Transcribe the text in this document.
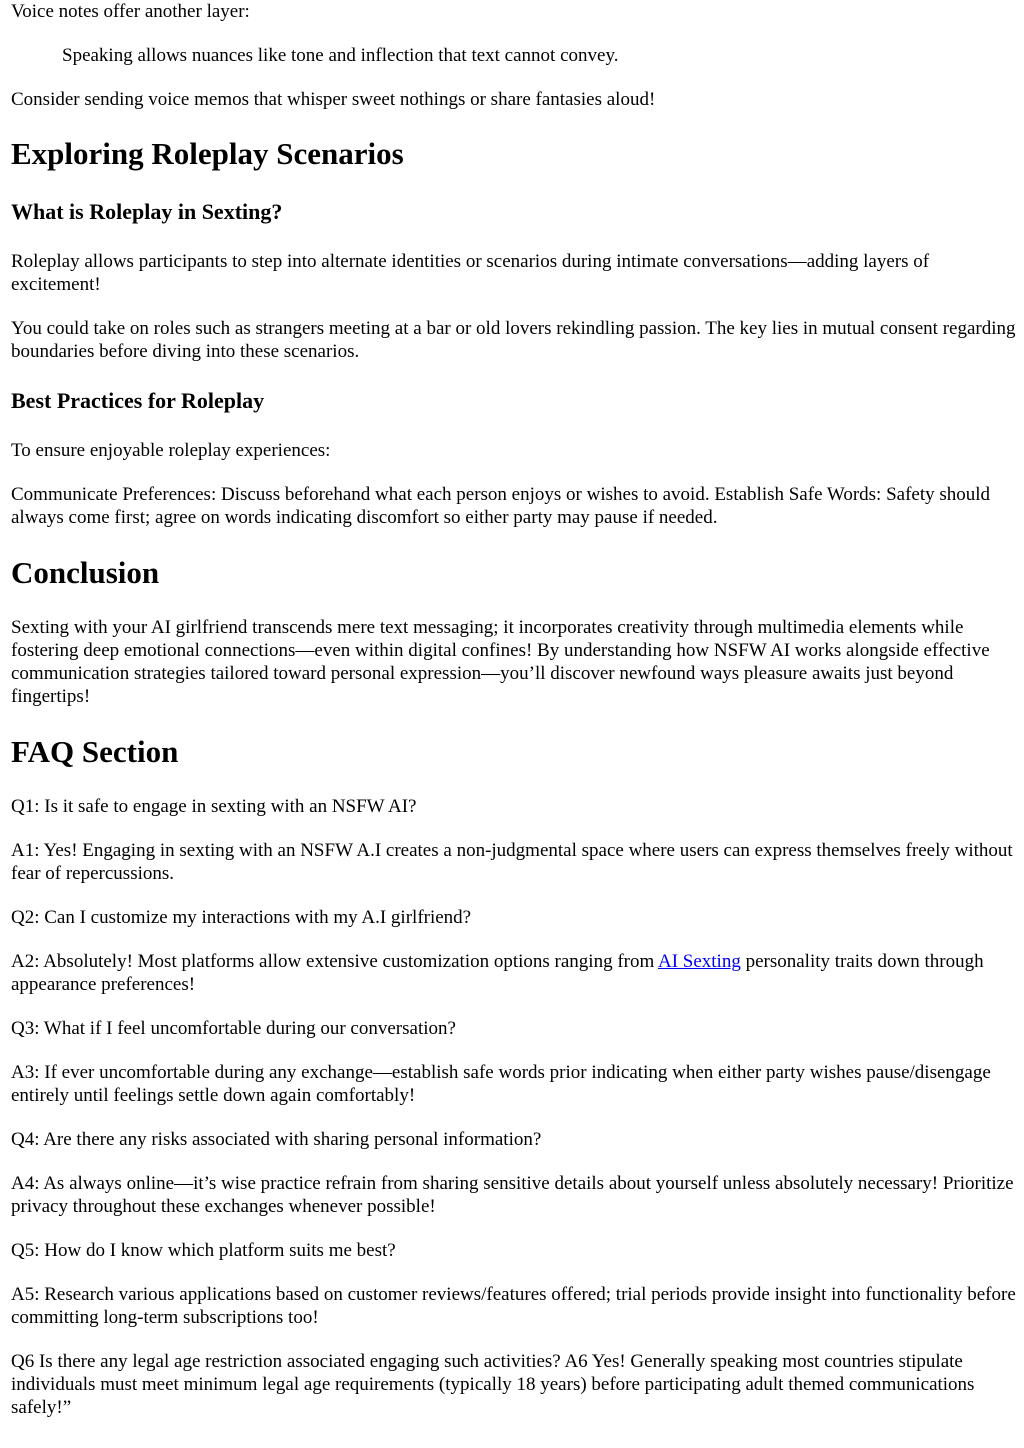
Voice notes offer another layer:

Speaking allows nuances like tone and inflection that text cannot convey.

Consider sending voice memos that whisper sweet nothings or share fantasies aloud!

Exploring Roleplay Scenarios
What is Roleplay in Sexting?

Roleplay allows participants to step into alternate identities or scenarios during intimate conversations—adding layers of excitement!

You could take on roles such as strangers meeting at a bar or old lovers rekindling passion. The key lies in mutual consent regarding boundaries before diving into these scenarios.

Best Practices for Roleplay

To ensure enjoyable roleplay experiences:

Communicate Preferences: Discuss beforehand what each person enjoys or wishes to avoid. Establish Safe Words: Safety should always come first; agree on words indicating discomfort so either party may pause if needed.

Conclusion

Sexting with your AI girlfriend transcends mere text messaging; it incorporates creativity through multimedia elements while fostering deep emotional connections—even within digital confines! By understanding how NSFW AI works alongside effective communication strategies tailored toward personal expression—you’ll discover newfound ways pleasure awaits just beyond fingertips!

FAQ Section

Q1: Is it safe to engage in sexting with an NSFW AI?

A1: Yes! Engaging in sexting with an NSFW A.I creates a non-judgmental space where users can express themselves freely without fear of repercussions.

Q2: Can I customize my interactions with my A.I girlfriend?

A2: Absolutely! Most platforms allow extensive customization options ranging from AI Sexting personality traits down through appearance preferences!

Q3: What if I feel uncomfortable during our conversation?

A3: If ever uncomfortable during any exchange—establish safe words prior indicating when either party wishes pause/disengage entirely until feelings settle down again comfortably!

Q4: Are there any risks associated with sharing personal information?

A4: As always online—it’s wise practice refrain from sharing sensitive details about yourself unless absolutely necessary! Prioritize privacy throughout these exchanges whenever possible!

Q5: How do I know which platform suits me best?

A5: Research various applications based on customer reviews/features offered; trial periods provide insight into functionality before committing long-term subscriptions too!

Q6 Is there any legal age restriction associated engaging such activities? A6 Yes! Generally speaking most countries stipulate individuals must meet minimum legal age requirements (typically 18 years) before participating adult themed communications safely!”
